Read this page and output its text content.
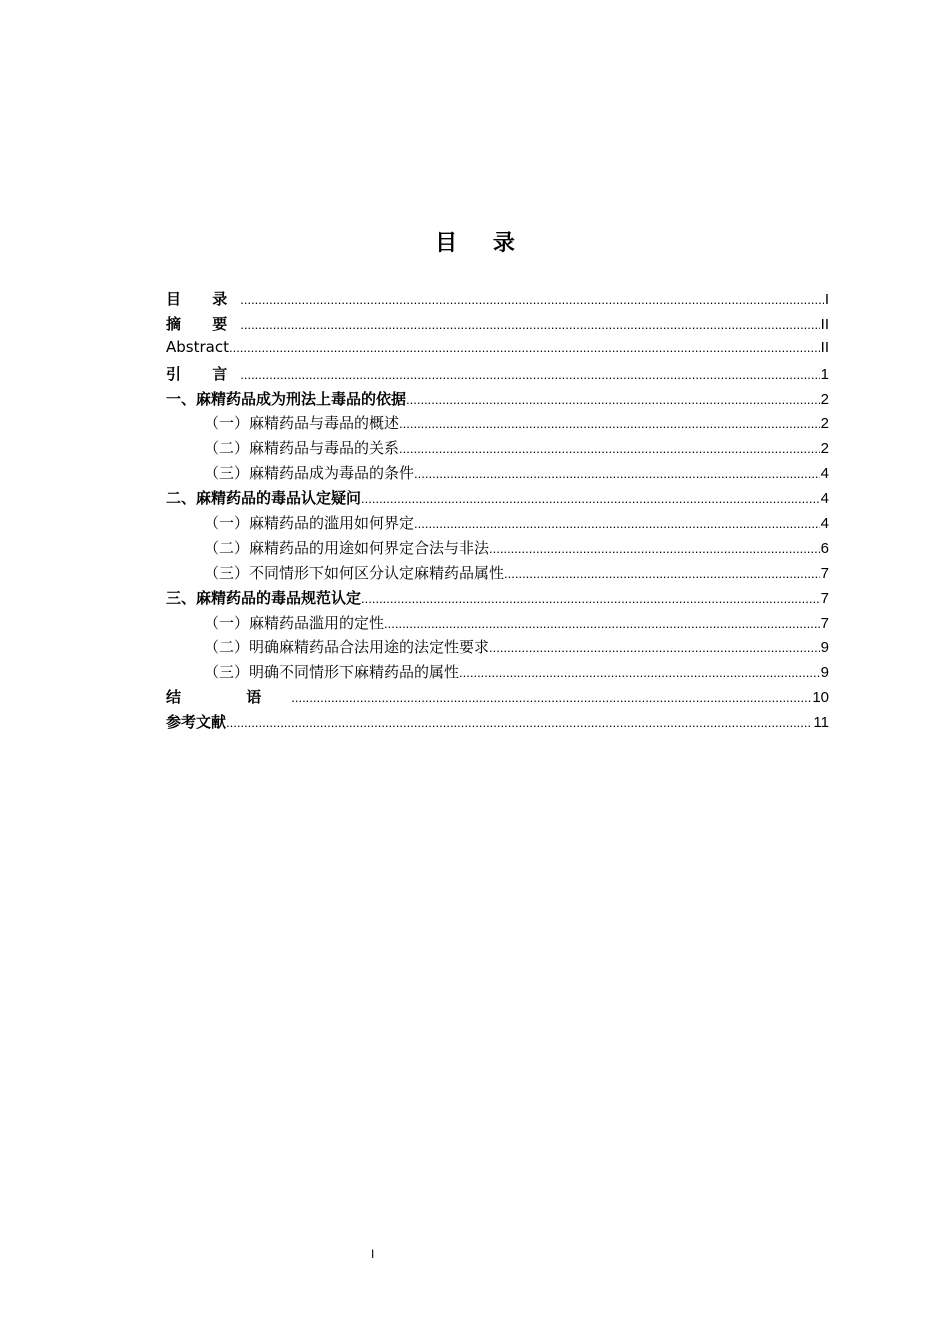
目 录
目 录 .....	I
摘 要 .....	II
Abstract .....	II
引 言 .....	1
一、麻精药品成为刑法上毒品的依据 .....	2
（一）麻精药品与毒品的概述 .....	2
（二）麻精药品与毒品的关系 .....	2
（三）麻精药品成为毒品的条件 .....	4
二、麻精药品的毒品认定疑问 .....	4
（一）麻精药品的滥用如何界定 .....	4
（二）麻精药品的用途如何界定合法与非法 .....	6
（三）不同情形下如何区分认定麻精药品属性 .....	7
三、麻精药品的毒品规范认定 .....	7
（一）麻精药品滥用的定性 .....	7
（二）明确麻精药品合法用途的法定性要求 .....	9
（三）明确不同情形下麻精药品的属性 .....	9
结 语 .....	10
参考文献 .....	11
I
